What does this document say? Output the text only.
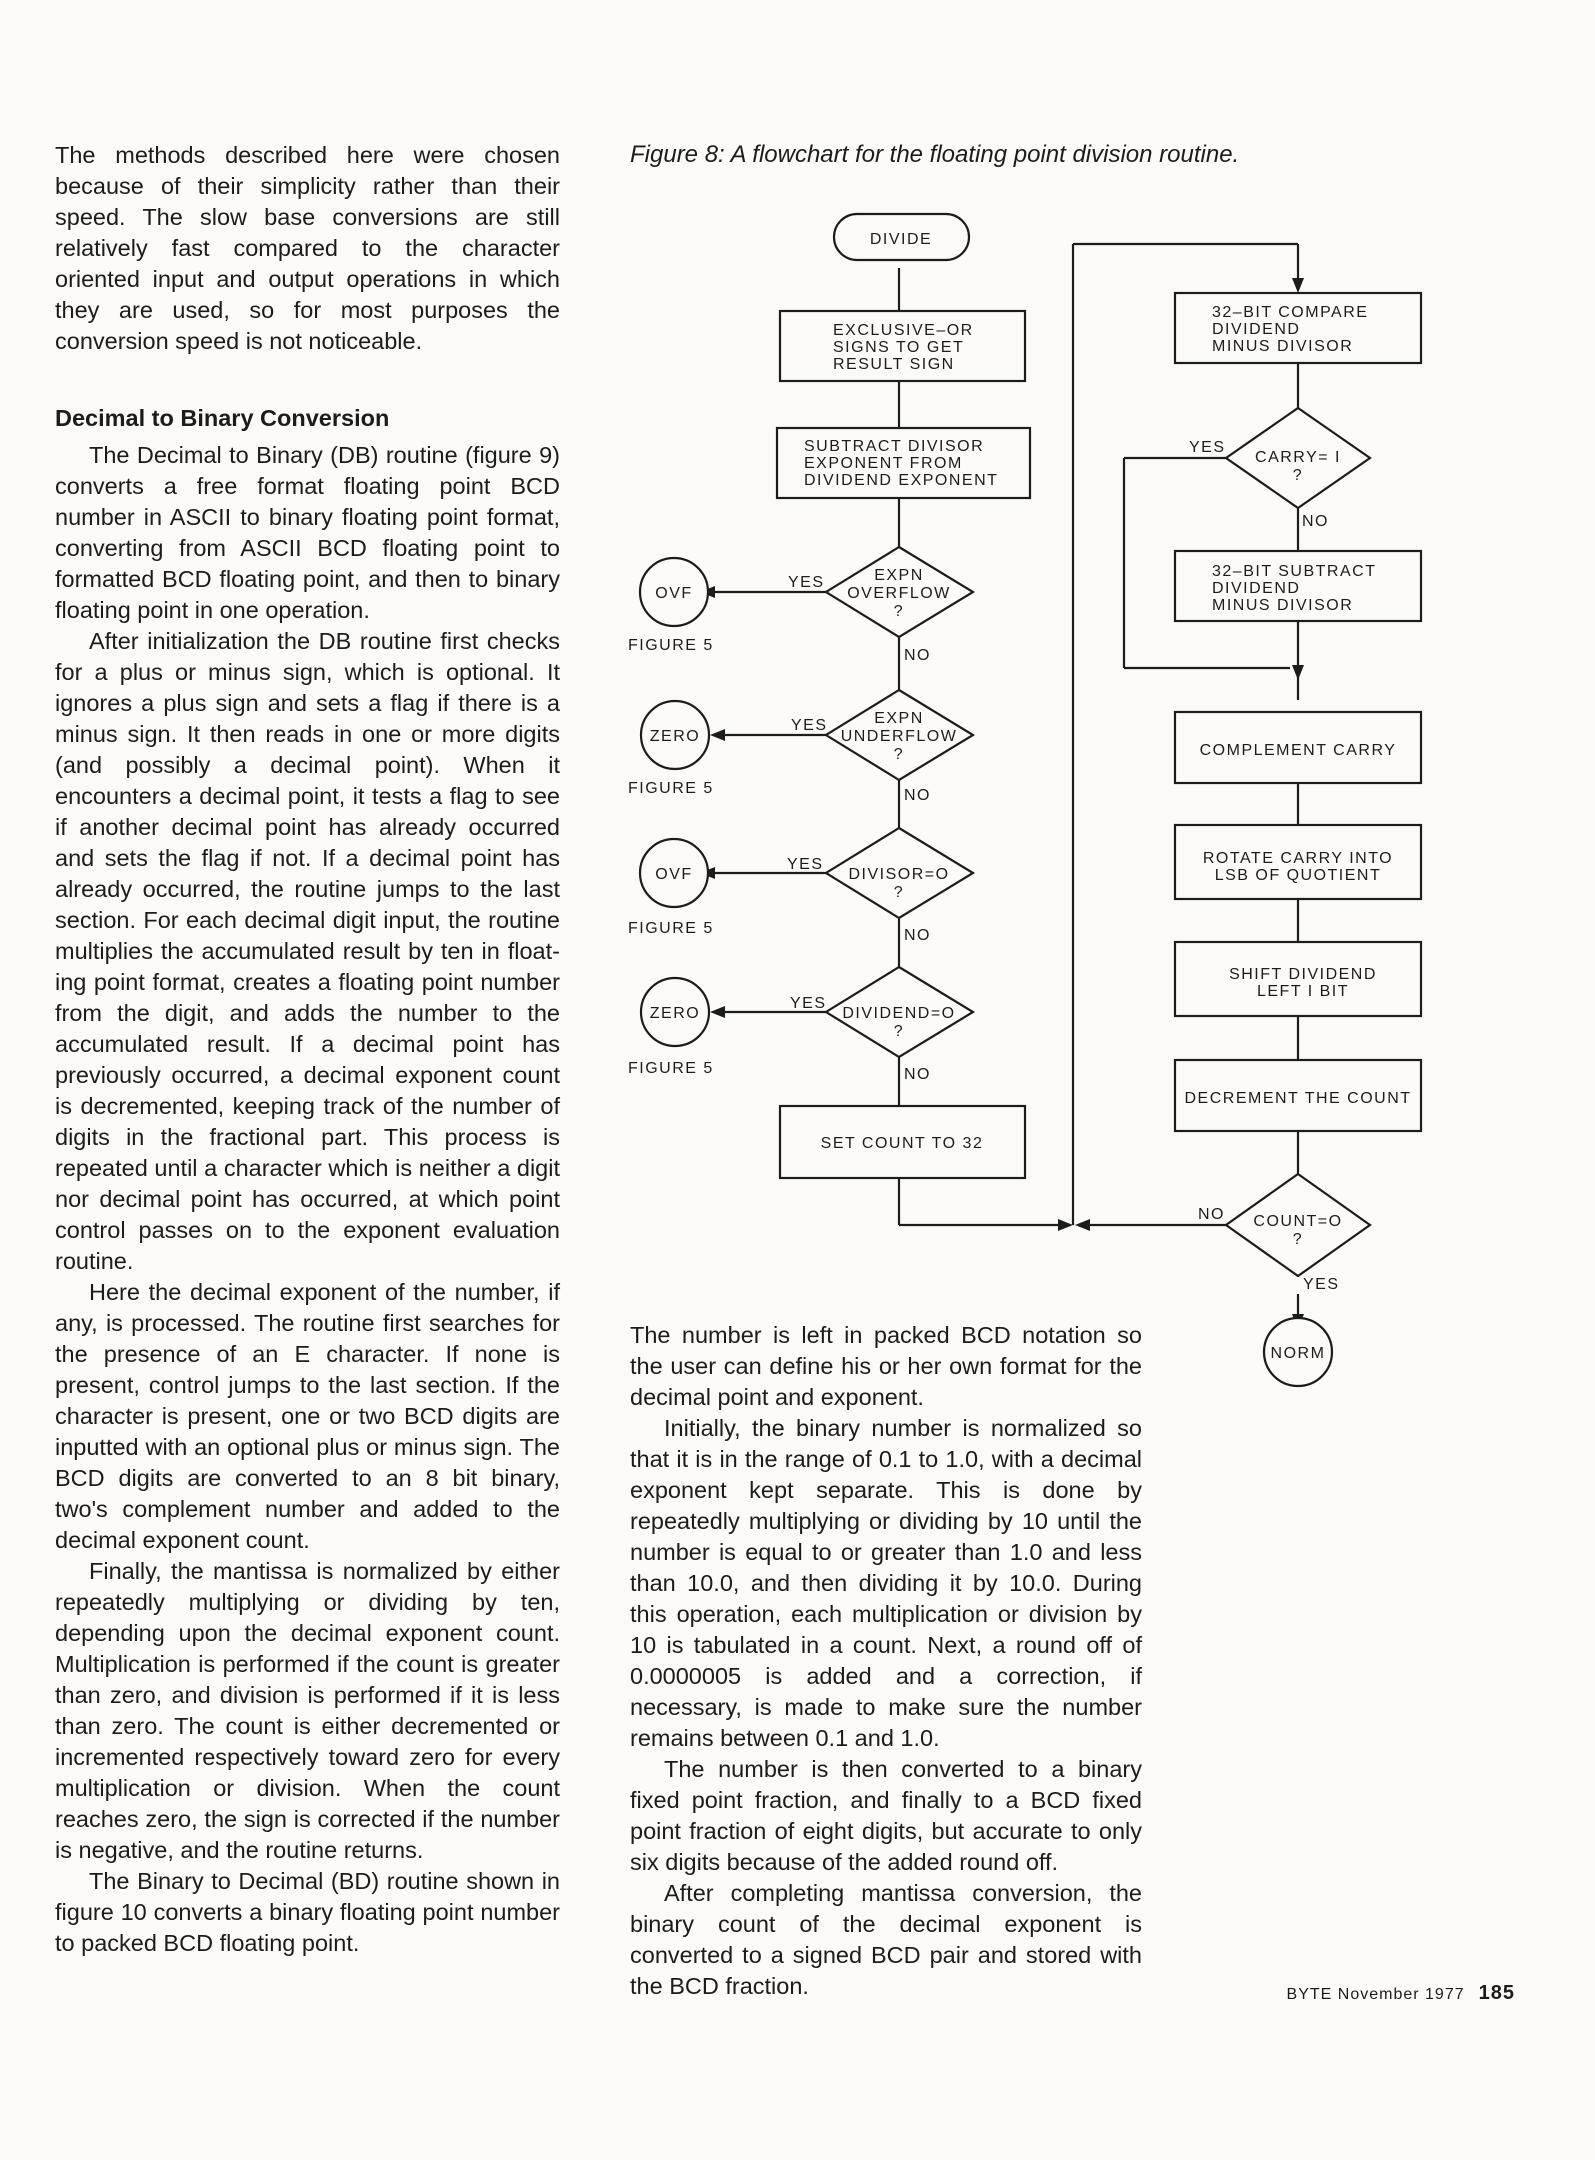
DIVIDE
EXCLUSIVE–OR
SIGNS TO GET
RESULT SIGN
SUBTRACT DIVISOR
EXPONENT FROM
DIVIDEND EXPONENT
EXPN
OVERFLOW
?
YES
NO
OVF
FIGURE 5
EXPN
UNDERFLOW
?
YES
NO
ZERO
FIGURE 5
DIVISOR=O
?
YES
NO
OVF
FIGURE 5
DIVIDEND=O
?
YES
NO
ZERO
FIGURE 5
SET COUNT TO 32
32–BIT COMPARE
DIVIDEND
MINUS DIVISOR
CARRY= I
?
YES
NO
32–BIT SUBTRACT
DIVIDEND
MINUS DIVISOR
COMPLEMENT CARRY
ROTATE CARRY INTO
LSB OF QUOTIENT
SHIFT DIVIDEND
LEFT I BIT
DECREMENT THE COUNT
COUNT=O
?
NO
YES
NORM
Figure 8: A flowchart for the floating point division routine.

The methods described here were chosen because of their simplicity rather than their speed. The slow base conversions are still relatively fast compared to the character oriented input and output operations in which they are used, so for most purposes the conversion speed is not noticeable.

Decimal to Binary Conversion

The Decimal to Binary (DB) routine (figure 9) converts a free format floating point BCD number in ASCII to binary floating point format, converting from ASCII BCD floating point to formatted BCD floating point, and then to binary floating point in one operation.

After initialization the DB routine first checks for a plus or minus sign, which is optional. It ignores a plus sign and sets a flag if there is a minus sign. It then reads in one or more digits (and possibly a decimal point). When it encounters a decimal point, it tests a flag to see if another decimal point has already occurred and sets the flag if not. If a decimal point has already occurred, the routine jumps to the last section. For each decimal digit input, the routine multiplies the accumulated result by ten in floating point format, creates a floating point number from the digit, and adds the number to the accumulated result. If a decimal point has previously occurred, a decimal exponent count is decremented, keeping track of the number of digits in the fractional part. This process is repeated until a character which is neither a digit nor decimal point has occurred, at which point control passes on to the exponent evaluation routine.

Here the decimal exponent of the number, if any, is processed. The routine first searches for the presence of an E character. If none is present, control jumps to the last section. If the character is present, one or two BCD digits are inputted with an optional plus or minus sign. The BCD digits are converted to an 8 bit binary, two's complement number and added to the decimal exponent count.

Finally, the mantissa is normalized by either repeatedly multiplying or dividing by ten, depending upon the decimal exponent count. Multiplication is performed if the count is greater than zero, and division is performed if it is less than zero. The count is either decremented or incremented respectively toward zero for every multiplication or division. When the count reaches zero, the sign is corrected if the number is negative, and the routine returns.

The Binary to Decimal (BD) routine shown in figure 10 converts a binary floating point number to packed BCD floating point.

The number is left in packed BCD notation so the user can define his or her own format for the decimal point and exponent.

Initially, the binary number is normalized so that it is in the range of 0.1 to 1.0, with a decimal exponent kept separate. This is done by repeatedly multiplying or dividing by 10 until the number is equal to or greater than 1.0 and less than 10.0, and then dividing it by 10.0. During this operation, each multiplication or division by 10 is tabulated in a count. Next, a round off of 0.0000005 is added and a correction, if necessary, is made to make sure the number remains between 0.1 and 1.0.

The number is then converted to a binary fixed point fraction, and finally to a BCD fixed point fraction of eight digits, but accurate to only six digits because of the added round off.

After completing mantissa conversion, the binary count of the decimal exponent is converted to a signed BCD pair and stored with the BCD fraction.	BYTE November 1977 185
